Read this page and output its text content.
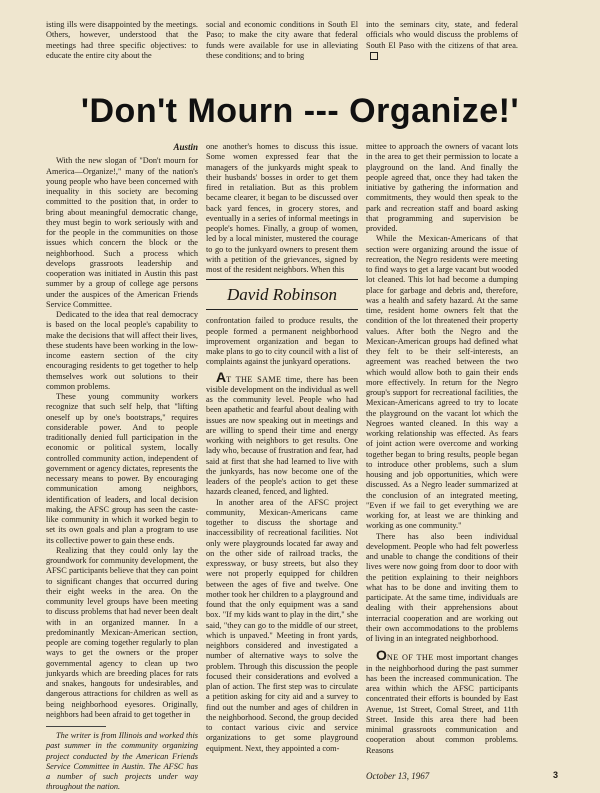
isting ills were disappointed by the meetings. Others, however, understood that the meetings had three specific objectives: to educate the entire city about the

social and economic conditions in South El Paso; to make the city aware that federal funds were available for use in alleviating these conditions; and to bring

into the seminars city, state, and federal officials who would discuss the problems of South El Paso with the citizens of that area.

'Don't Mourn --- Organize!'
Austin

With the new slogan of "Don't mourn for America—Organize!," many of the nation's young people who have been concerned with inequality in this society are becoming committed to the position that, in order to bring about meaningful democratic change, they must begin to work seriously with and for the people in the communities on those issues which concern the block or the neighborhood. Such a process which develops grassroots leadership and cooperation was initiated in Austin this past summer by a group of college age persons under the auspices of the American Friends Service Committee.

Dedicated to the idea that real democracy is based on the local people's capability to make the decisions that will affect their lives, these students have been working in the low-income eastern section of the city encouraging residents to get together to help themselves work out solutions to their common problems.

These young community workers recognize that such self help, that "lifting oneself up by one's bootstraps," requires considerable power. And to people traditionally denied full participation in the economic or political system, locally controlled community action, independent of government or agency dictates, represents the necessary means to power. By encouraging communication among neighbors, identification of leaders, and local decision making, the AFSC group has seen the caste-like community in which it worked begin to set its own goals and plan a program to use its collective power to gain these ends.

Realizing that they could only lay the groundwork for community development, the AFSC participants believe that they can point to significant changes that occurred during their eight weeks in the area. On the community level groups have been meeting to discuss problems that had never been dealt with in an organized manner. In a predominantly Mexican-American section, people are coming together regularly to plan ways to get the owners or the proper governmental agency to clean up two junkyards which are breeding places for rats and snakes, hangouts for undesirables, and dangerous attractions for children as well as being neighborhood eyesores. Originally, neighbors had been afraid to get together in

The writer is from Illinois and worked this past summer in the community organizing project conducted by the American Friends Service Committee in Austin. The AFSC has a number of such projects under way throughout the nation.

one another's homes to discuss this issue. Some women expressed fear that the managers of the junkyards might speak to their husbands' bosses in order to get them fired in retaliation. But as this problem became clearer, it began to be discussed over back yard fences, in grocery stores, and eventually in a series of informal meetings in people's homes. Finally, a group of women, led by a local minister, mustered the courage to go to the junkyard owners to present them with a petition of the grievances, signed by most of the resident neighbors. When this

David Robinson

confrontation failed to produce results, the people formed a permanent neighborhood improvement organization and began to make plans to go to city council with a list of complaints against the junkyard operations.

AT THE SAME time, there has been visible development on the individual as well as the community level. People who had been apathetic and fearful about dealing with issues are now speaking out in meetings and are willing to spend their time and energy working with neighbors to get results. One lady who, because of frustration and fear, had said at first that she had learned to live with the junkyards, has now become one of the leaders of the people's action to get these hazards cleaned, fenced, and lighted.

In another area of the AFSC project community, Mexican-Americans came together to discuss the shortage and inaccessibility of recreational facilities. Not only were playgrounds located far away and on the other side of railroad tracks, the expressway, or busy streets, but also they were not properly equipped for children between the ages of five and twelve. One mother took her children to a playground and found that the only equipment was a sand box. "If my kids want to play in the dirt," she said, "they can go to the middle of our street, which is unpaved." Meeting in front yards, neighbors considered and investigated a number of alternative ways to solve the problem. Through this discussion the people focused their considerations and evolved a plan of action. The first step was to circulate a petition asking for city aid and a survey to find out the number and ages of children in the neighborhood. Second, the group decided to contact various civic and service organizations to get some playground equipment. Next, they appointed a com-

mittee to approach the owners of vacant lots in the area to get their permission to locate a playground on the land. And finally the people agreed that, once they had taken the initiative by gathering the information and commitments, they would then speak to the park and recreation staff and board asking that programming and supervision be provided.

While the Mexican-Americans of that section were organizing around the issue of recreation, the Negro residents were meeting to find ways to get a large vacant but wooded lot cleaned. This lot had become a dumping place for garbage and debris and, therefore, was a health and safety hazard. At the same time, resident home owners felt that the condition of the lot threatened their property values. After both the Negro and the Mexican-American groups had defined what they felt to be their self-interests, an agreement was reached between the two which would allow both to gain their ends more effectively. In return for the Negro group's support for recreational facilities, the Mexican-Americans agreed to try to locate the playground on the vacant lot which the Negroes wanted cleaned. In this way a working relationship was effected. As fears of joint action were overcome and working together began to bring results, people began to introduce other problems, such a slum housing and job opportunities, which were discussed. As a Negro leader summarized at the conclusion of an integrated meeting, "Even if we fail to get everything we are working for, at least we are thinking and working as one community."

There has also been individual development. People who had felt powerless and unable to change the conditions of their lives were now going from door to door with the petition explaining to their neighbors what has to be done and inviting them to participate. At the same time, individuals are dealing with their apprehensions about interracial cooperation and are working out their own accommodations to the problems of living in an integrated neighborhood.

ONE OF THE most important changes in the neighborhood during the past summer has been the increased communication. The area within which the AFSC participants concentrated their efforts is bounded by East Avenue, 1st Street, Comal Street, and 11th Street. Inside this area there had been minimal grassroots communication and cooperation about common problems. Reasons

October 13, 1967	3
